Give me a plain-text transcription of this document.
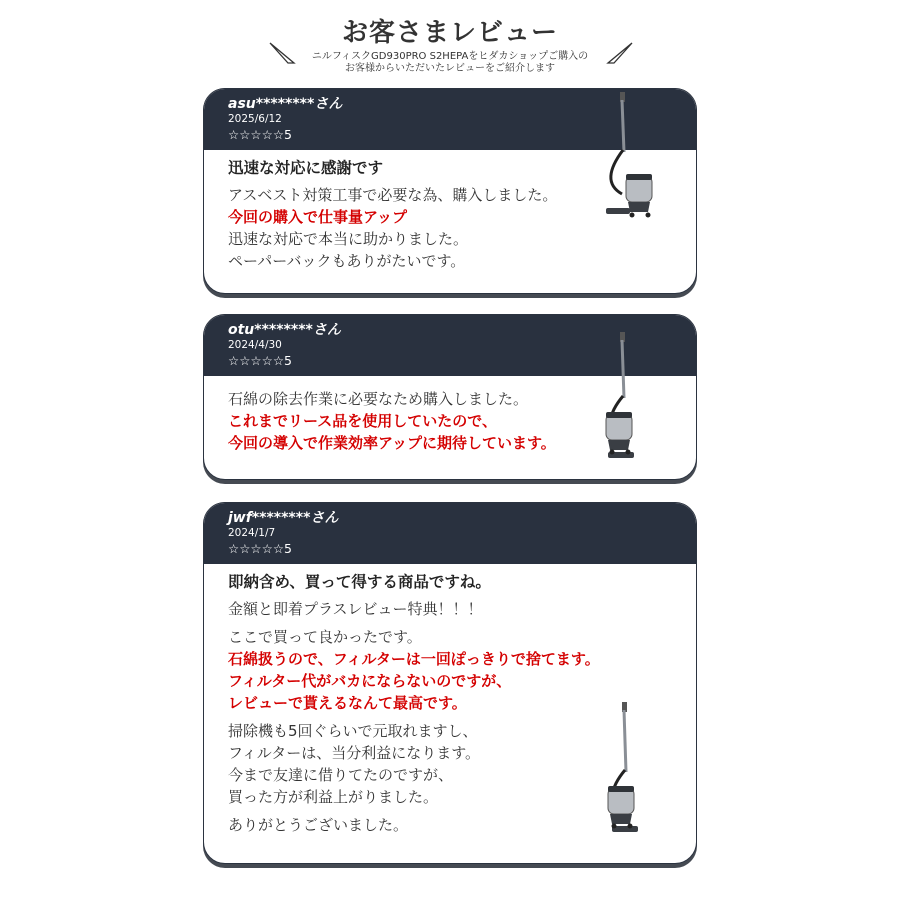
お客さまレビュー
ニルフィスクGD930PRO S2HEPAをヒダカショップご購入の
お客様からいただいたレビューをご紹介します
asu********さん
2025/6/12
☆☆☆☆☆5
迅速な対応に感謝です
アスベスト対策工事で必要な為、購入しました。
今回の購入で仕事量アップ
迅速な対応で本当に助かりました。
ペーパーバックもありがたいです。
otu********さん
2024/4/30
☆☆☆☆☆5
石綿の除去作業に必要なため購入しました。
これまでリース品を使用していたので、
今回の導入で作業効率アップに期待しています。
jwf********さん
2024/1/7
☆☆☆☆☆5
即納含め、買って得する商品ですね。
金額と即着プラスレビュー特典！！！
ここで買って良かったです。
石綿扱うので、フィルターは一回ぽっきりで捨てます。
フィルター代がバカにならないのですが、
レビューで貰えるなんて最高です。
掃除機も5回ぐらいで元取れますし、
フィルターは、当分利益になります。
今まで友達に借りてたのですが、
買った方が利益上がりました。
ありがとうございました。
